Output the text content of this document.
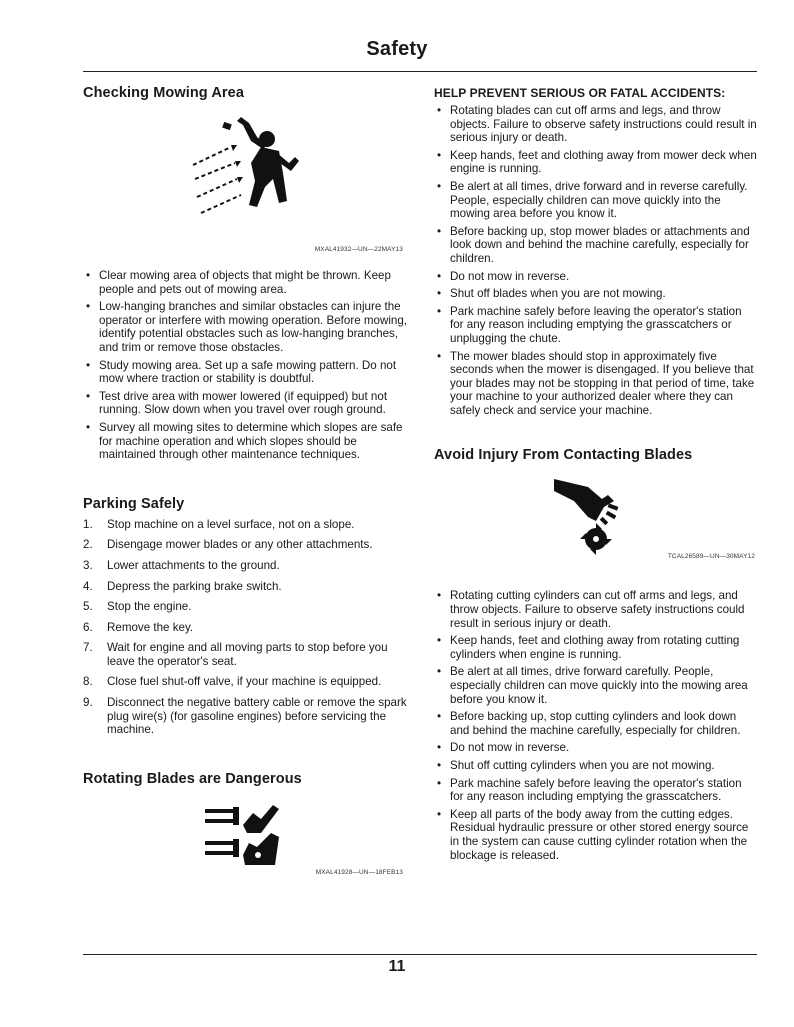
Safety
Checking Mowing Area
MXAL41932—UN—22MAY13
• Clear mowing area of objects that might be thrown. Keep people and pets out of mowing area.
• Low-hanging branches and similar obstacles can injure the operator or interfere with mowing operation. Before mowing, identify potential obstacles such as low-hanging branches, and trim or remove those obstacles.
• Study mowing area. Set up a safe mowing pattern. Do not mow where traction or stability is doubtful.
• Test drive area with mower lowered (if equipped) but not running. Slow down when you travel over rough ground.
• Survey all mowing sites to determine which slopes are safe for machine operation and which slopes should be maintained through other maintenance techniques.
Parking Safely
1. Stop machine on a level surface, not on a slope.
2. Disengage mower blades or any other attachments.
3. Lower attachments to the ground.
4. Depress the parking brake switch.
5. Stop the engine.
6. Remove the key.
7. Wait for engine and all moving parts to stop before you leave the operator's seat.
8. Close fuel shut-off valve, if your machine is equipped.
9. Disconnect the negative battery cable or remove the spark plug wire(s) (for gasoline engines) before servicing the machine.
Rotating Blades are Dangerous
MXAL41928—UN—18FEB13
HELP PREVENT SERIOUS OR FATAL ACCIDENTS:
• Rotating blades can cut off arms and legs, and throw objects. Failure to observe safety instructions could result in serious injury or death.
• Keep hands, feet and clothing away from mower deck when engine is running.
• Be alert at all times, drive forward and in reverse carefully. People, especially children can move quickly into the mowing area before you know it.
• Before backing up, stop mower blades or attachments and look down and behind the machine carefully, especially for children.
• Do not mow in reverse.
• Shut off blades when you are not mowing.
• Park machine safely before leaving the operator's station for any reason including emptying the grasscatchers or unplugging the chute.
• The mower blades should stop in approximately five seconds when the mower is disengaged. If you believe that your blades may not be stopping in that period of time, take your machine to your authorized dealer where they can safely check and service your machine.
Avoid Injury From Contacting Blades
TCAL26589—UN—30MAY12
• Rotating cutting cylinders can cut off arms and legs, and throw objects. Failure to observe safety instructions could result in serious injury or death.
• Keep hands, feet and clothing away from rotating cutting cylinders when engine is running.
• Be alert at all times, drive forward carefully. People, especially children can move quickly into the mowing area before you know it.
• Before backing up, stop cutting cylinders and look down and behind the machine carefully, especially for children.
• Do not mow in reverse.
• Shut off cutting cylinders when you are not mowing.
• Park machine safely before leaving the operator's station for any reason including emptying the grasscatchers.
• Keep all parts of the body away from the cutting edges. Residual hydraulic pressure or other stored energy source in the system can cause cutting cylinder rotation when the blockage is released.
11
